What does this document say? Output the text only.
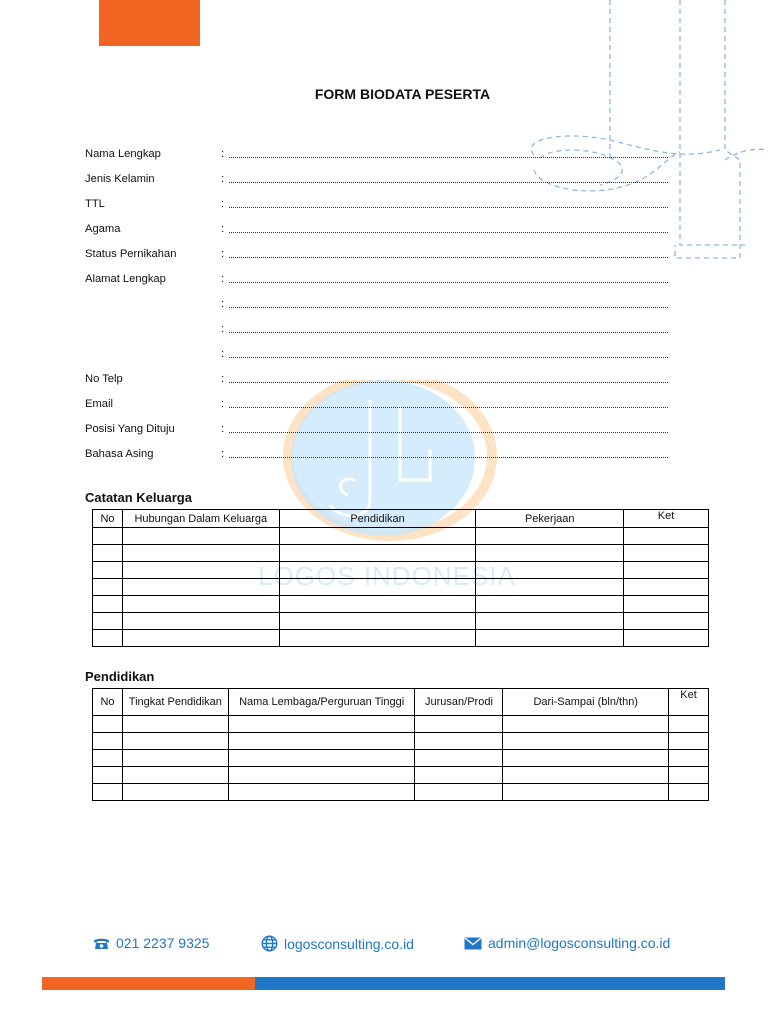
LOGOS INDONESIA
FORM BIODATA PESERTA
Nama Lengkap	:
Jenis Kelamin	:
TTL	:
Agama	:
Status Pernikahan	:
Alamat Lengkap	:
:
:
:
No Telp	:
Email	:
Posisi Yang Dituju	:
Bahasa Asing	:
Catatan Keluarga
No	Hubungan Dalam Keluarga	Pendidikan	Pekerjaan	Ket

Pendidikan
No	Tingkat Pendidikan	Nama Lembaga/Perguruan Tinggi	Jurusan/Prodi	Dari-Sampai (bln/thn)	Ket

021 2237 9325	logosconsulting.co.id	admin@logosconsulting.co.id
